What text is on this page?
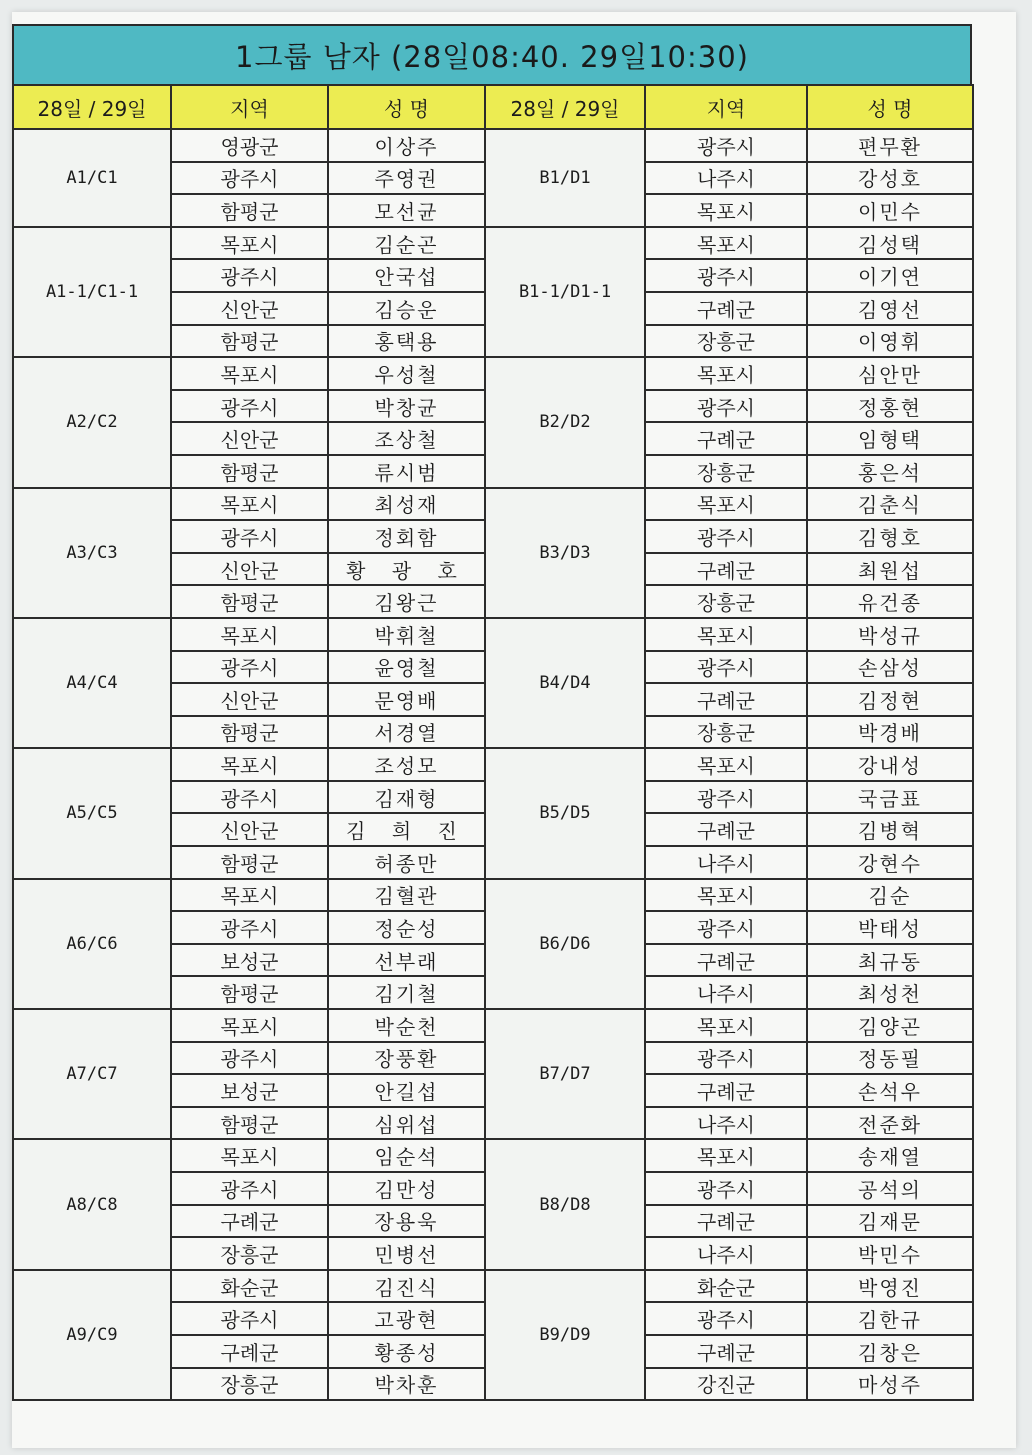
1그룹 남자 (28일08:40. 29일10:30)
28일 / 29일	지역	성 명	28일 / 29일	지역	성 명
A1/C1	영광군	이상주	B1/D1	광주시	편무환
	광주시	주영권		나주시	강성호
	함평군	모선균		목포시	이민수
A1-1/C1-1	목포시	김순곤	B1-1/D1-1	목포시	김성택
	광주시	안국섭		광주시	이기연
	신안군	김승운		구례군	김영선
	함평군	홍택용		장흥군	이영휘
A2/C2	목포시	우성철	B2/D2	목포시	심안만
	광주시	박창균		광주시	정홍현
	신안군	조상철		구례군	임형택
	함평군	류시범		장흥군	홍은석
A3/C3	목포시	최성재	B3/D3	목포시	김춘식
	광주시	정회함		광주시	김형호
	신안군	황 광 호		구례군	최원섭
	함평군	김왕근		장흥군	유건종
A4/C4	목포시	박휘철	B4/D4	목포시	박성규
	광주시	윤영철		광주시	손삼성
	신안군	문영배		구례군	김정현
	함평군	서경열		장흥군	박경배
A5/C5	목포시	조성모	B5/D5	목포시	강내성
	광주시	김재형		광주시	국금표
	신안군	김 희 진		구례군	김병혁
	함평군	허종만		나주시	강현수
A6/C6	목포시	김혈관	B6/D6	목포시	김순
	광주시	정순성		광주시	박태성
	보성군	선부래		구례군	최규동
	함평군	김기철		나주시	최성천
A7/C7	목포시	박순천	B7/D7	목포시	김양곤
	광주시	장풍환		광주시	정동필
	보성군	안길섭		구례군	손석우
	함평군	심위섭		나주시	전준화
A8/C8	목포시	임순석	B8/D8	목포시	송재열
	광주시	김만성		광주시	공석의
	구례군	장용욱		구례군	김재문
	장흥군	민병선		나주시	박민수
A9/C9	화순군	김진식	B9/D9	화순군	박영진
	광주시	고광현		광주시	김한규
	구례군	황종성		구례군	김창은
	장흥군	박차훈		강진군	마성주
